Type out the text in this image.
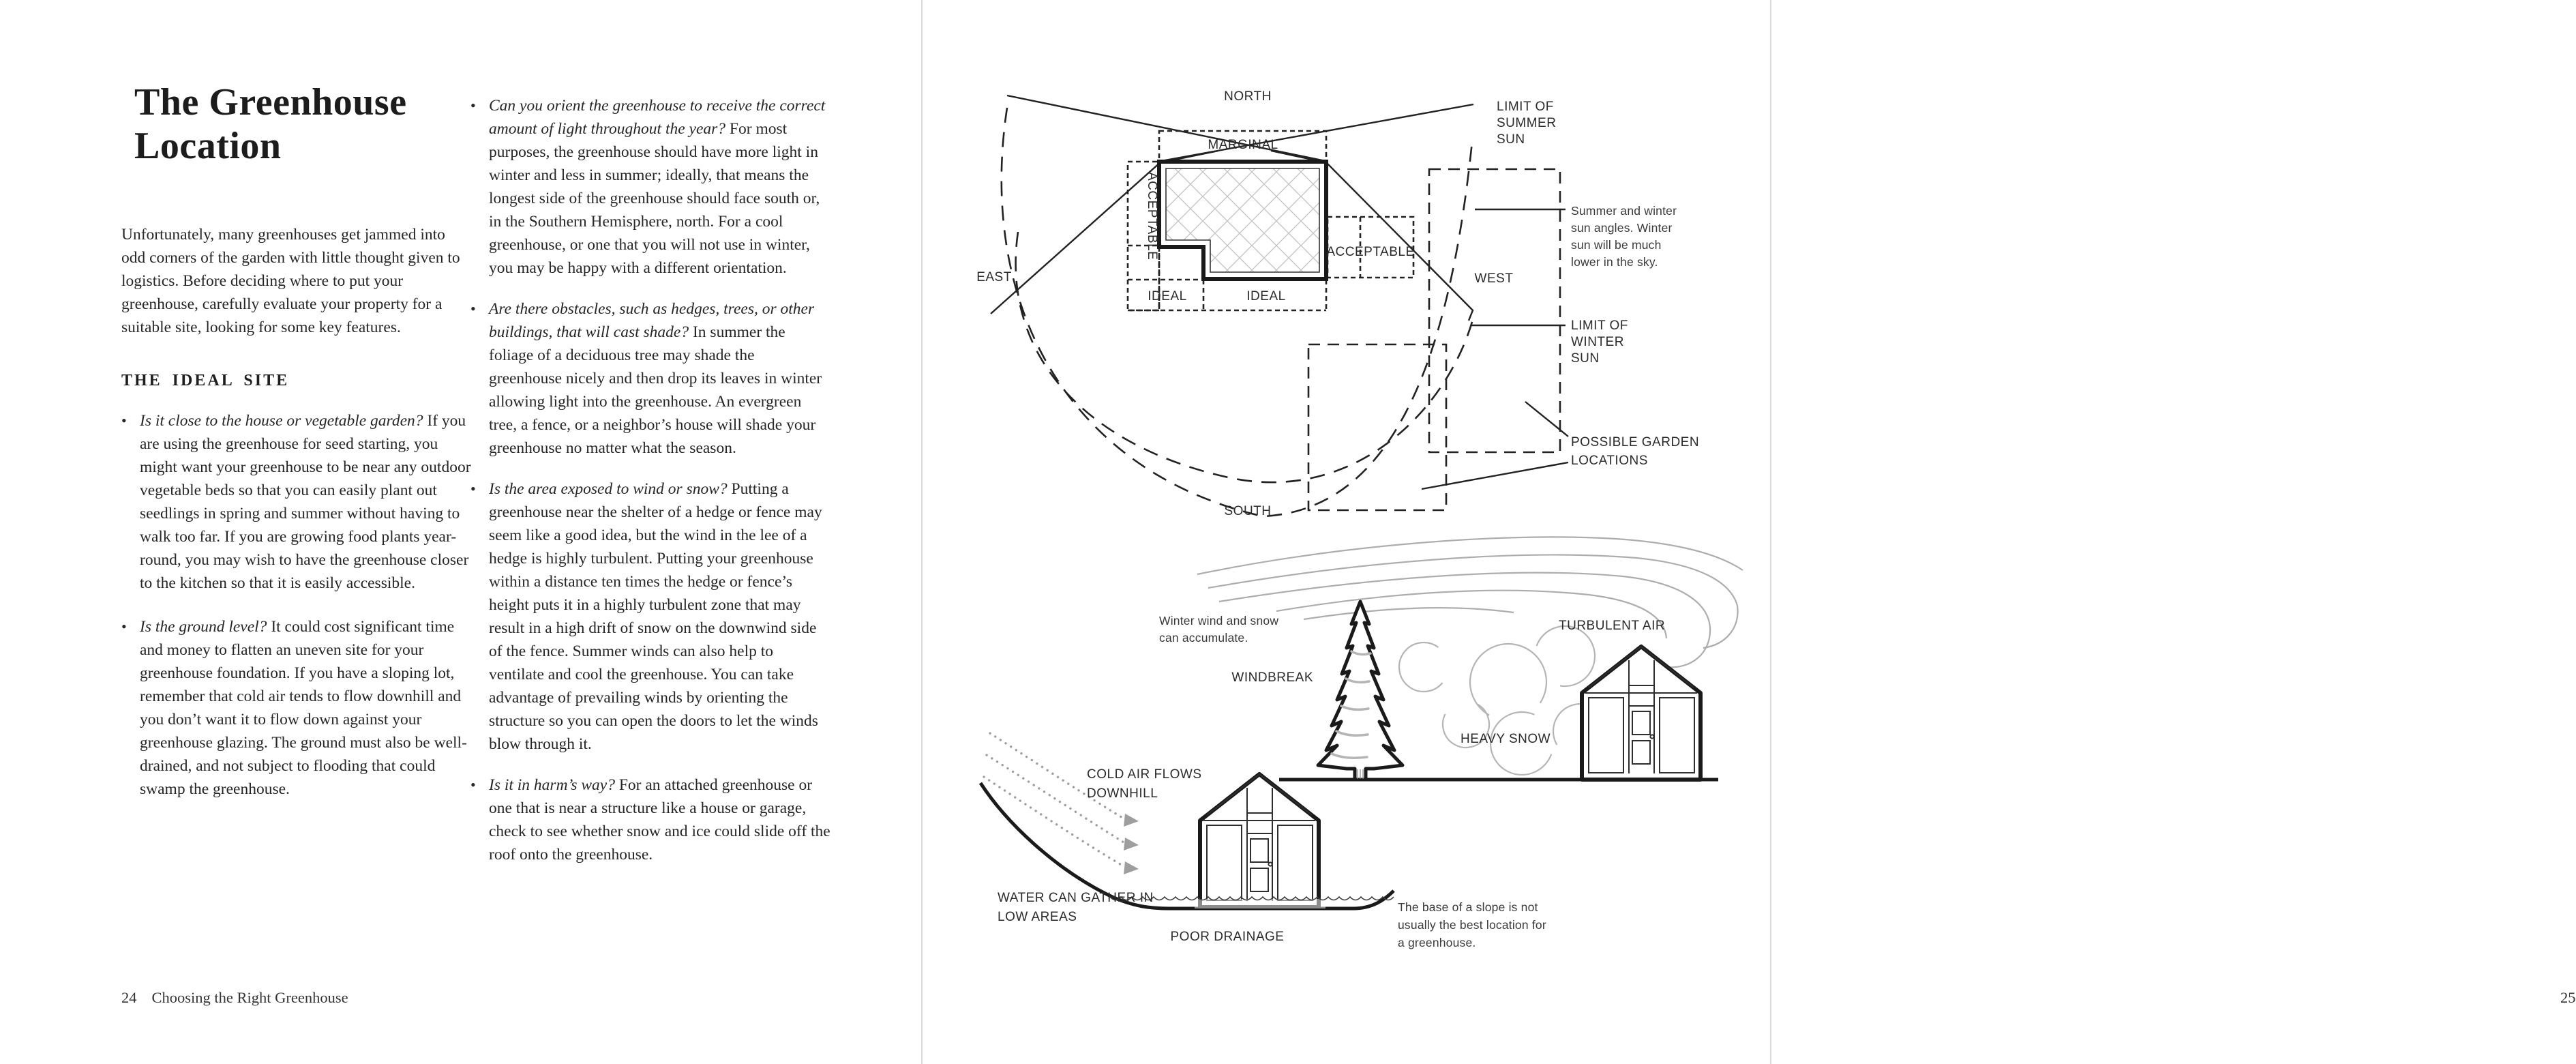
The Greenhouse
Location

Unfortunately, many greenhouses get jammed into odd corners of the garden with little thought given to logistics. Before deciding where to put your greenhouse, carefully evaluate your property for a suitable site, looking for some key features.

THE IDEAL SITE
• Is it close to the house or vegetable garden? If you are using the greenhouse for seed starting, you might want your greenhouse to be near any outdoor vegetable beds so that you can easily plant out seedlings in spring and summer without having to walk too far. If you are growing food plants year-round, you may wish to have the greenhouse closer to the kitchen so that it is easily accessible.
• Is the ground level? It could cost significant time and money to flatten an uneven site for your greenhouse foundation. If you have a sloping lot, remember that cold air tends to flow downhill and you don’t want it to flow down against your greenhouse glazing. The ground must also be well-drained, and not subject to flooding that could swamp the greenhouse.
• Can you orient the greenhouse to receive the correct amount of light throughout the year? For most purposes, the greenhouse should have more light in winter and less in summer; ideally, that means the longest side of the greenhouse should face south or, in the Southern Hemisphere, north. For a cool greenhouse, or one that you will not use in winter, you may be happy with a different orientation.
• Are there obstacles, such as hedges, trees, or other buildings, that will cast shade? In summer the foliage of a deciduous tree may shade the greenhouse nicely and then drop its leaves in winter allowing light into the greenhouse. An evergreen tree, a fence, or a neighbor’s house will shade your greenhouse no matter what the season.
• Is the area exposed to wind or snow? Putting a greenhouse near the shelter of a hedge or fence may seem like a good idea, but the wind in the lee of a hedge is highly turbulent. Putting your greenhouse within a distance ten times the hedge or fence’s height puts it in a highly turbulent zone that may result in a high drift of snow on the downwind side of the fence. Summer winds can also help to ventilate and cool the greenhouse. You can take advantage of prevailing winds by orienting the structure so you can open the doors to let the winds blow through it.
• Is it in harm’s way? For an attached greenhouse or one that is near a structure like a house or garage, check to see whether snow and ice could slide off the roof onto the greenhouse.
24 Choosing the Right Greenhouse
NORTH
EAST	WEST
SOUTH
MARGINAL
ACCEPTABLE	ACCEPTABLE
IDEAL	IDEAL
LIMIT OF
SUMMER
SUN
Summer and winter
sun angles. Winter
sun will be much
lower in the sky.
LIMIT OF
WINTER
SUN
POSSIBLE GARDEN
LOCATIONS
Winter wind and snow
can accumulate.
WINDBREAK
TURBULENT AIR
HEAVY SNOW
COLD AIR FLOWS
DOWNHILL
WATER CAN GATHER IN
LOW AREAS
POOR DRAINAGE
The base of a slope is not
usually the best location for
a greenhouse.
25
